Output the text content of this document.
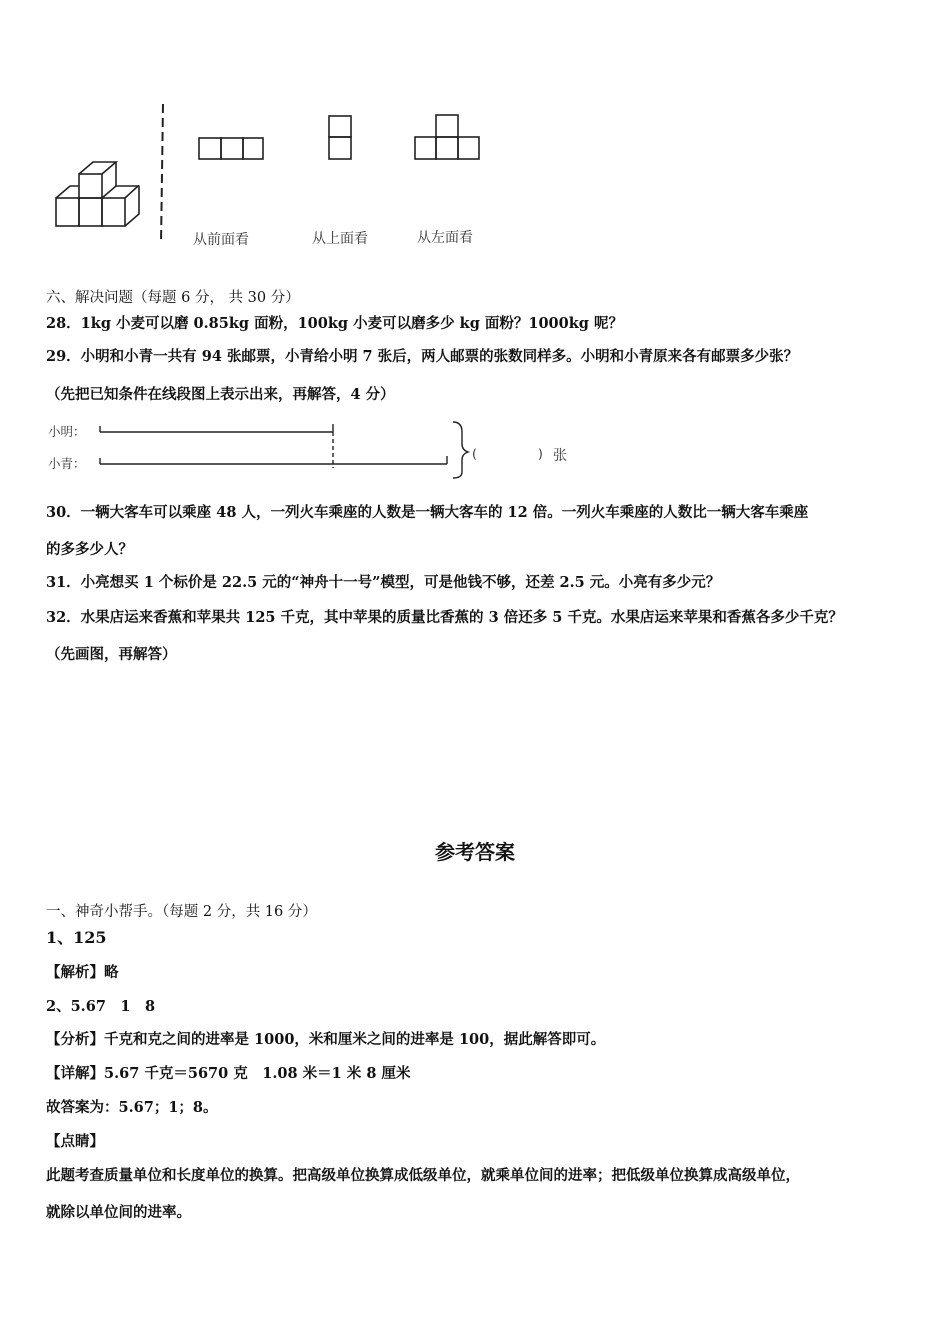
从前面看	从上面看	从左面看
六、解决问题（每题 6 分， 共 30 分）
28．1kg 小麦可以磨 0.85kg 面粉，100kg 小麦可以磨多少 kg 面粉？1000kg 呢？
29．小明和小青一共有 94 张邮票，小青给小明 7 张后，两人邮票的张数同样多。小明和小青原来各有邮票多少张？
（先把已知条件在线段图上表示出来，再解答，4 分）
小明：
小青：
(	) 张
30．一辆大客车可以乘座 48 人，一列火车乘座的人数是一辆大客车的 12 倍。一列火车乘座的人数比一辆大客车乘座
的多多少人？
31．小亮想买 1 个标价是 22.5 元的“神舟十一号”模型，可是他钱不够，还差 2.5 元。小亮有多少元？
32．水果店运来香蕉和苹果共 125 千克，其中苹果的质量比香蕉的 3 倍还多 5 千克。水果店运来苹果和香蕉各多少千克？
（先画图，再解答）
参考答案
一、神奇小帮手。（每题 2 分，共 16 分）
1、125
【解析】略
2、5.67　1　8
【分析】千克和克之间的进率是 1000，米和厘米之间的进率是 100，据此解答即可。
【详解】5.67 千克＝5670 克　1.08 米＝1 米 8 厘米
故答案为：5.67；1；8。
【点睛】
此题考查质量单位和长度单位的换算。把高级单位换算成低级单位，就乘单位间的进率；把低级单位换算成高级单位，
就除以单位间的进率。
